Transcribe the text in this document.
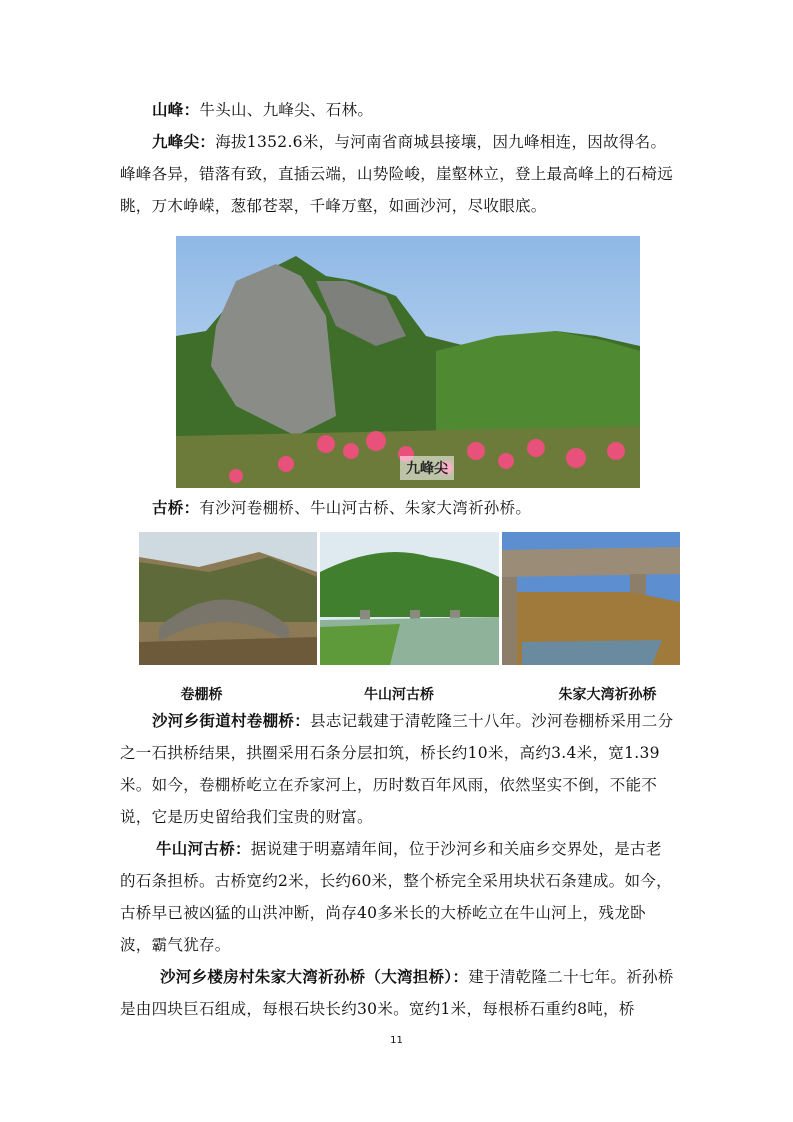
山峰：牛头山、九峰尖、石林。

九峰尖：海拔1352.6米，与河南省商城县接壤，因九峰相连，因故得名。峰峰各异，错落有致，直插云端，山势险峻，崖壑林立，登上最高峰上的石椅远眺，万木峥嵘，葱郁苍翠，千峰万壑，如画沙河，尽收眼底。

九峰尖

古桥：有沙河卷棚桥、牛山河古桥、朱家大湾祈孙桥。

卷棚桥	牛山河古桥	朱家大湾祈孙桥

沙河乡街道村卷棚桥：县志记载建于清乾隆三十八年。沙河卷棚桥采用二分之一石拱桥结果，拱圈采用石条分层扣筑，桥长约10米，高约3.4米，宽1.39米。如今，卷棚桥屹立在乔家河上，历时数百年风雨，依然坚实不倒，不能不说，它是历史留给我们宝贵的财富。

牛山河古桥：据说建于明嘉靖年间，位于沙河乡和关庙乡交界处，是古老的石条担桥。古桥宽约2米，长约60米，整个桥完全采用块状石条建成。如今，古桥早已被凶猛的山洪冲断，尚存40多米长的大桥屹立在牛山河上，残龙卧波，霸气犹存。

沙河乡楼房村朱家大湾祈孙桥（大湾担桥）：建于清乾隆二十七年。祈孙桥是由四块巨石组成，每根石块长约30米。宽约1米，每根桥石重约8吨，桥

11
